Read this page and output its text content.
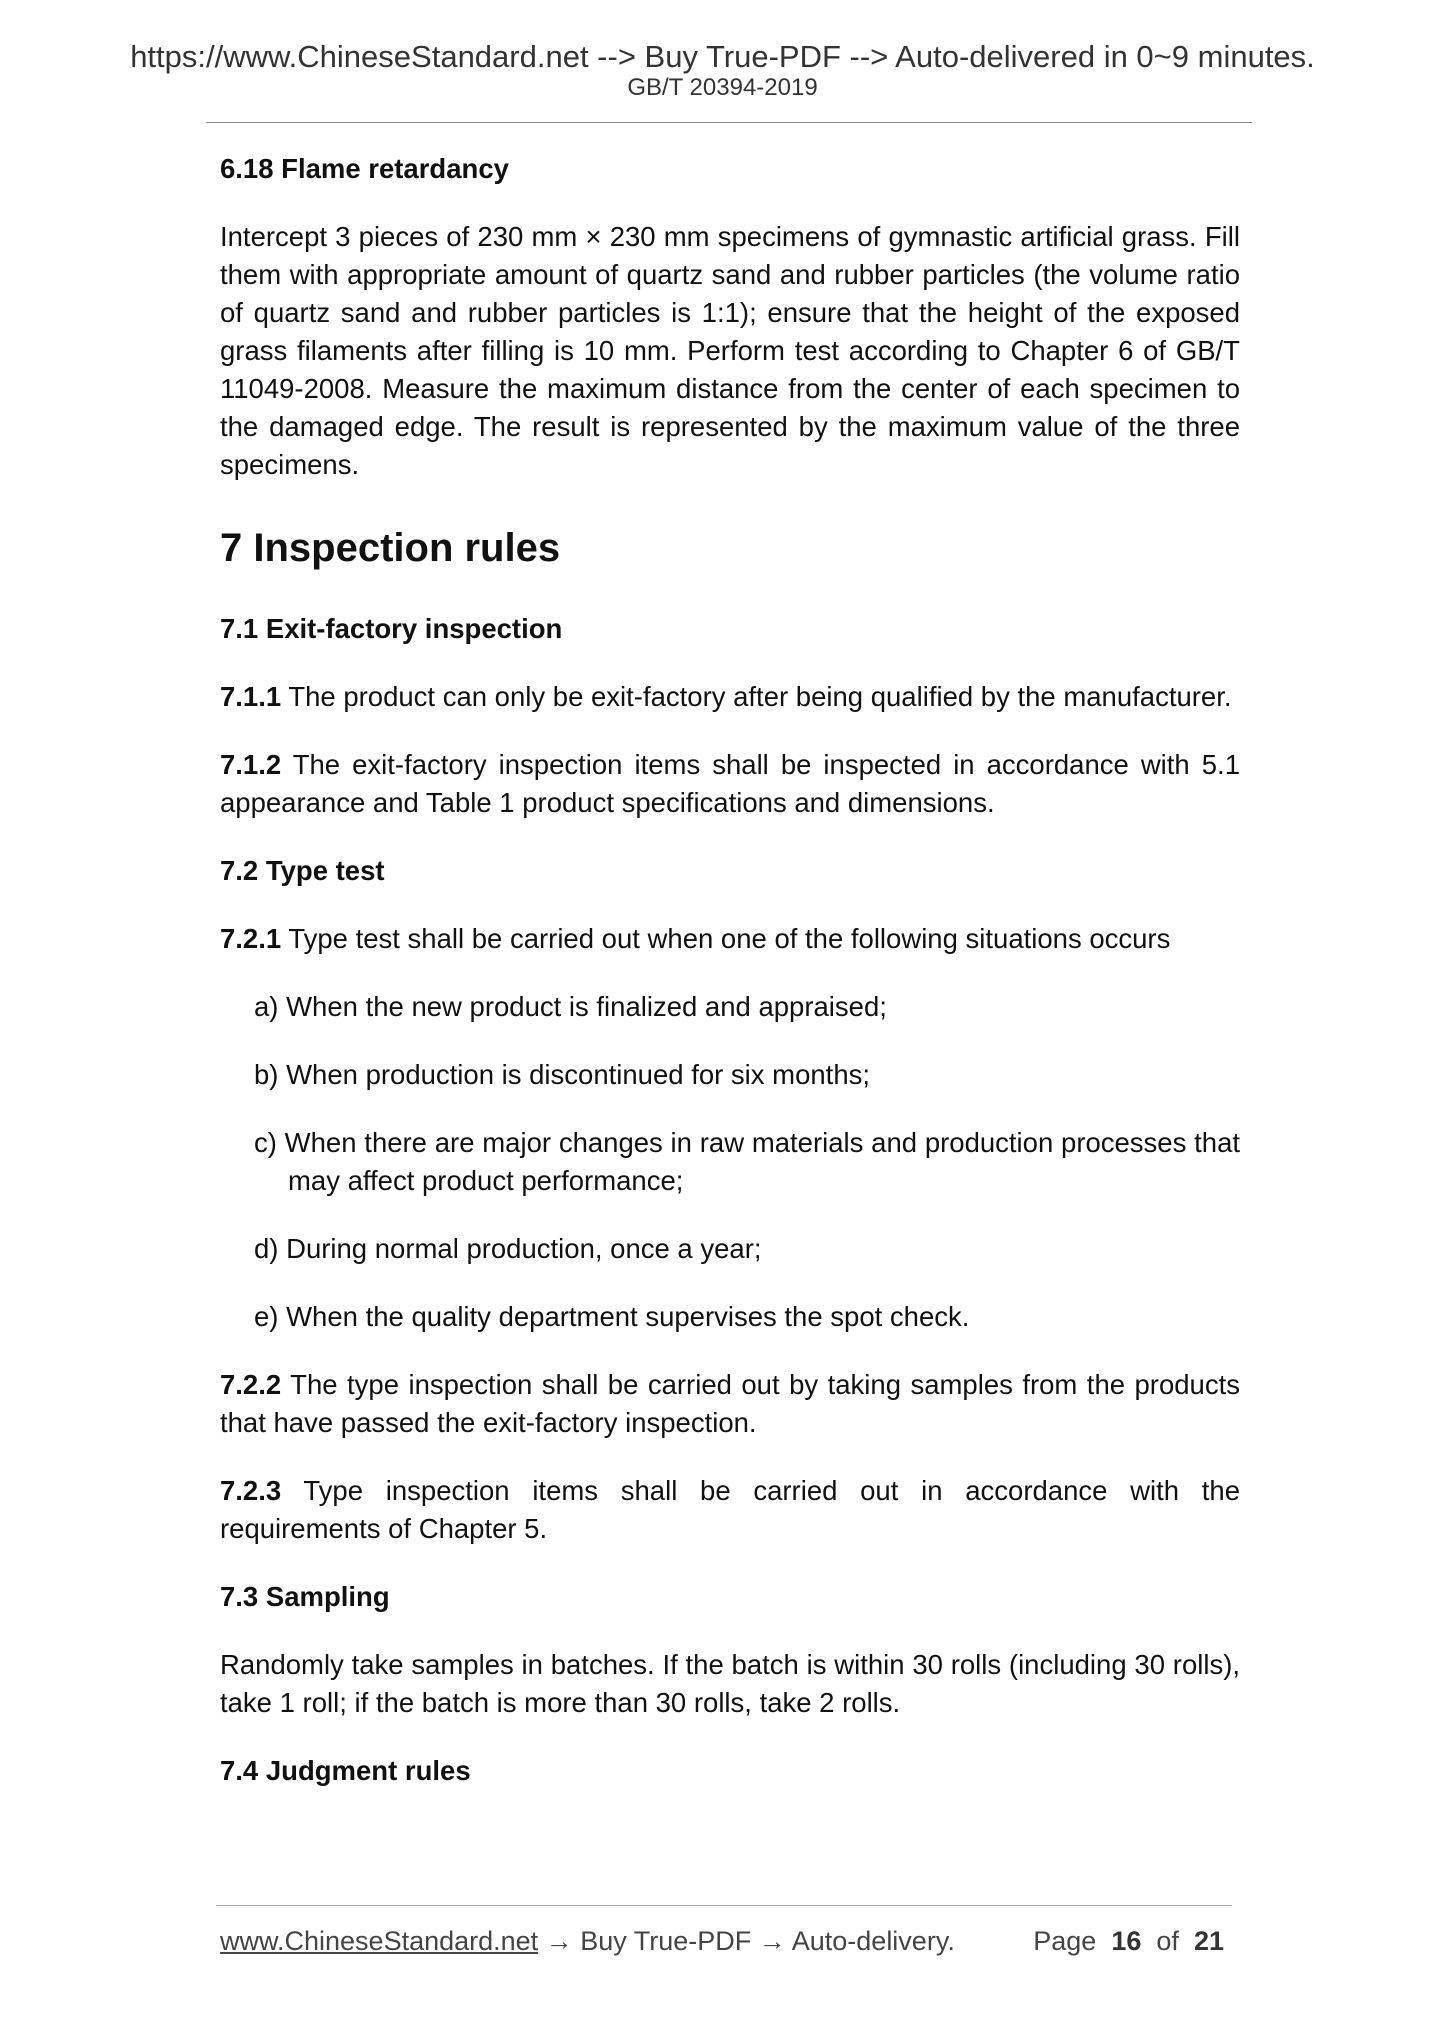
https://www.ChineseStandard.net --> Buy True-PDF --> Auto-delivered in 0~9 minutes.
GB/T 20394-2019

6.18 Flame retardancy

Intercept 3 pieces of 230 mm × 230 mm specimens of gymnastic artificial grass. Fill them with appropriate amount of quartz sand and rubber particles (the volume ratio of quartz sand and rubber particles is 1:1); ensure that the height of the exposed grass filaments after filling is 10 mm. Perform test according to Chapter 6 of GB/T 11049-2008. Measure the maximum distance from the center of each specimen to the damaged edge. The result is represented by the maximum value of the three specimens.

7 Inspection rules

7.1 Exit-factory inspection

7.1.1 The product can only be exit-factory after being qualified by the manufacturer.

7.1.2 The exit-factory inspection items shall be inspected in accordance with 5.1 appearance and Table 1 product specifications and dimensions.

7.2 Type test

7.2.1 Type test shall be carried out when one of the following situations occurs

a) When the new product is finalized and appraised;

b) When production is discontinued for six months;

c) When there are major changes in raw materials and production processes that may affect product performance;

d) During normal production, once a year;

e) When the quality department supervises the spot check.

7.2.2 The type inspection shall be carried out by taking samples from the products that have passed the exit-factory inspection.

7.2.3 Type inspection items shall be carried out in accordance with the requirements of Chapter 5.

7.3 Sampling

Randomly take samples in batches. If the batch is within 30 rolls (including 30 rolls), take 1 roll; if the batch is more than 30 rolls, take 2 rolls.

7.4 Judgment rules

www.ChineseStandard.net → Buy True-PDF → Auto-delivery.	Page 16 of 21
